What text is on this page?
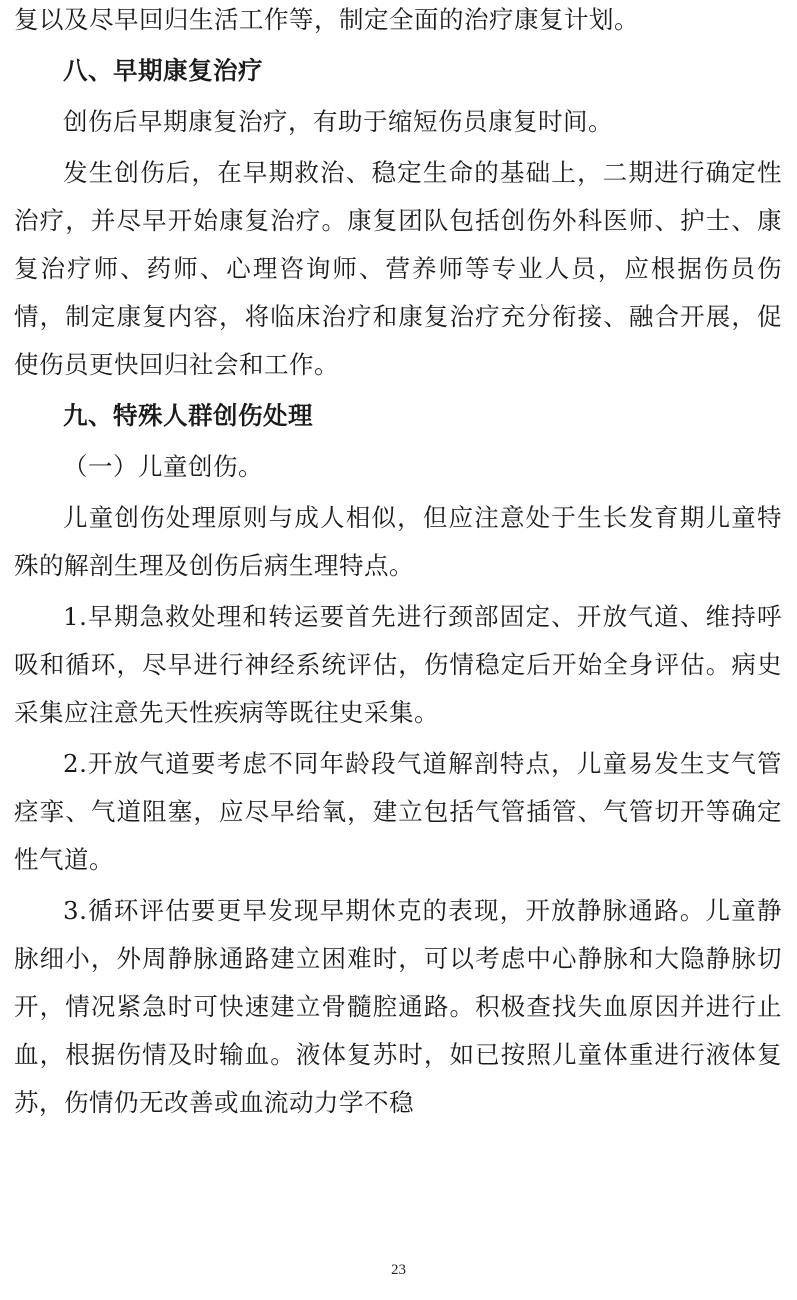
复以及尽早回归生活工作等，制定全面的治疗康复计划。

八、早期康复治疗

创伤后早期康复治疗，有助于缩短伤员康复时间。

发生创伤后，在早期救治、稳定生命的基础上，二期进行确定性治疗，并尽早开始康复治疗。康复团队包括创伤外科医师、护士、康复治疗师、药师、心理咨询师、营养师等专业人员，应根据伤员伤情，制定康复内容，将临床治疗和康复治疗充分衔接、融合开展，促使伤员更快回归社会和工作。

九、特殊人群创伤处理

（一）儿童创伤。

儿童创伤处理原则与成人相似，但应注意处于生长发育期儿童特殊的解剖生理及创伤后病生理特点。

1.早期急救处理和转运要首先进行颈部固定、开放气道、维持呼吸和循环，尽早进行神经系统评估，伤情稳定后开始全身评估。病史采集应注意先天性疾病等既往史采集。

2.开放气道要考虑不同年龄段气道解剖特点，儿童易发生支气管痉挛、气道阻塞，应尽早给氧，建立包括气管插管、气管切开等确定性气道。

3.循环评估要更早发现早期休克的表现，开放静脉通路。儿童静脉细小，外周静脉通路建立困难时，可以考虑中心静脉和大隐静脉切开，情况紧急时可快速建立骨髓腔通路。积极查找失血原因并进行止血，根据伤情及时输血。液体复苏时，如已按照儿童体重进行液体复苏，伤情仍无改善或血流动力学不稳

23
